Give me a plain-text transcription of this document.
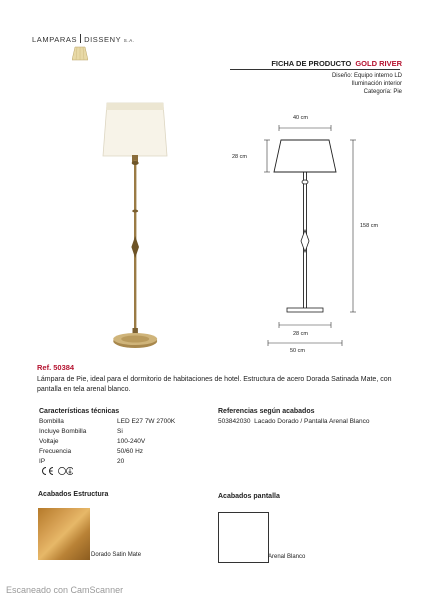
LAMPARAS DISSENY S.A.
FICHA DE PRODUCTO GOLD RIVER
Diseño: Equipo interno LD
Iluminación interior
Categoría: Pie
40 cm
28 cm
158 cm
28 cm
50 cm
Ref. 50384
Lámpara de Pie, ideal para el dormitorio de habitaciones de hotel. Estructura de acero Dorada Satinada Mate, con pantalla en tela arenal blanco.
Características técnicas
Bombilla	LED E27 7W 2700K
Incluye Bombilla	Si
Voltaje	100-240V
Frecuencia	50/60 Hz
IP	20
Referencias según acabados
503842030 Lacado Dorado / Pantalla Arenal Blanco
Acabados Estructura
Dorado Satin Mate
Acabados pantalla
Arenal Blanco
Escaneado con CamScanner
